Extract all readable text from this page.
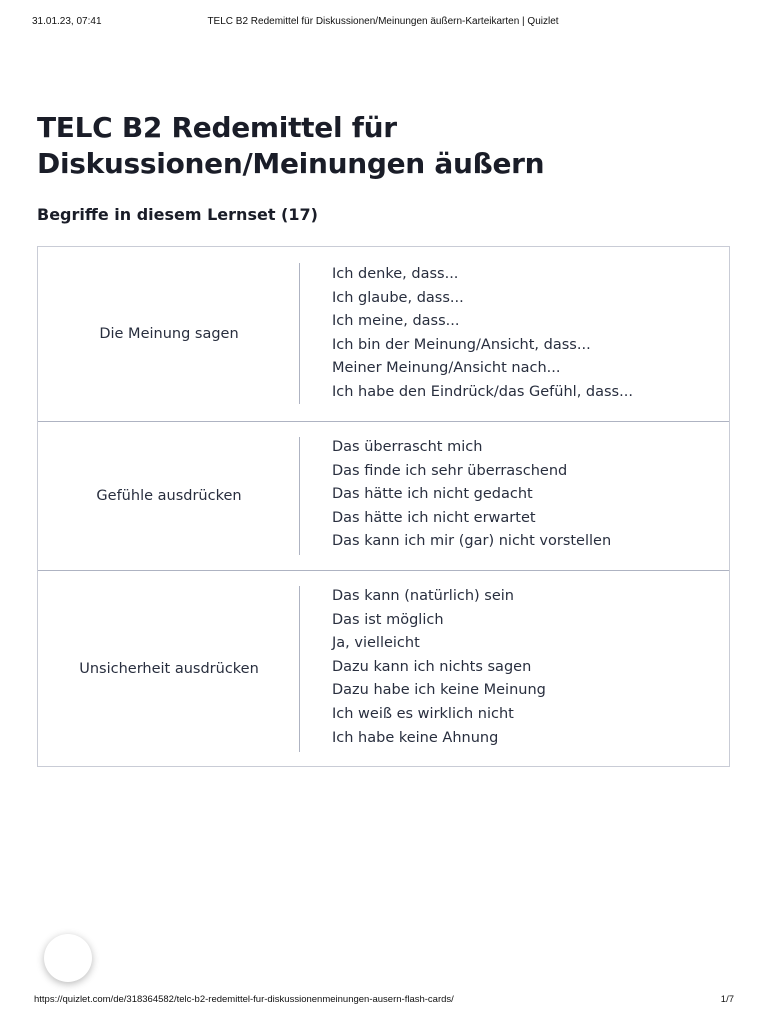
31.01.23, 07:41	TELC B2 Redemittel für Diskussionen/Meinungen äußern-Karteikarten | Quizlet
TELC B2 Redemittel für Diskussionen/Meinungen äußern
Begriffe in diesem Lernset (17)
Die Meinung sagen
Ich denke, dass...
Ich glaube, dass...
Ich meine, dass...
Ich bin der Meinung/Ansicht, dass...
Meiner Meinung/Ansicht nach...
Ich habe den Eindrück/das Gefühl, dass...
Gefühle ausdrücken
Das überrascht mich
Das finde ich sehr überraschend
Das hätte ich nicht gedacht
Das hätte ich nicht erwartet
Das kann ich mir (gar) nicht vorstellen
Unsicherheit ausdrücken
Das kann (natürlich) sein
Das ist möglich
Ja, vielleicht
Dazu kann ich nichts sagen
Dazu habe ich keine Meinung
Ich weiß es wirklich nicht
Ich habe keine Ahnung
https://quizlet.com/de/318364582/telc-b2-redemittel-fur-diskussionenmeinungen-ausern-flash-cards/	1/7
